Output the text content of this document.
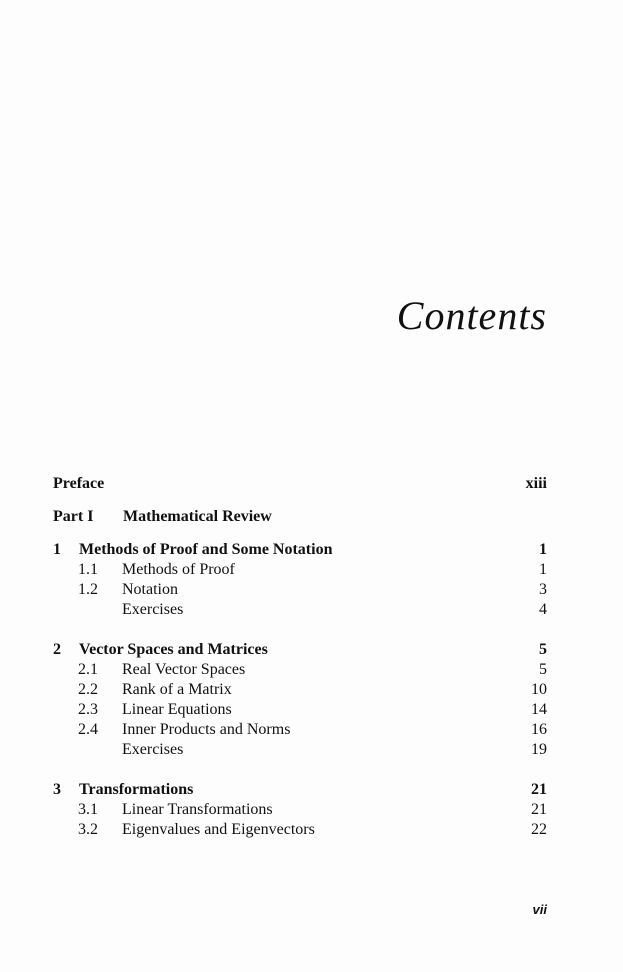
Contents
Preface	xiii
Part I Mathematical Review
1 Methods of Proof and Some Notation	1
1.1 Methods of Proof	1
1.2 Notation	3
Exercises	4
2 Vector Spaces and Matrices	5
2.1 Real Vector Spaces	5
2.2 Rank of a Matrix	10
2.3 Linear Equations	14
2.4 Inner Products and Norms	16
Exercises	19
3 Transformations	21
3.1 Linear Transformations	21
3.2 Eigenvalues and Eigenvectors	22
vii
